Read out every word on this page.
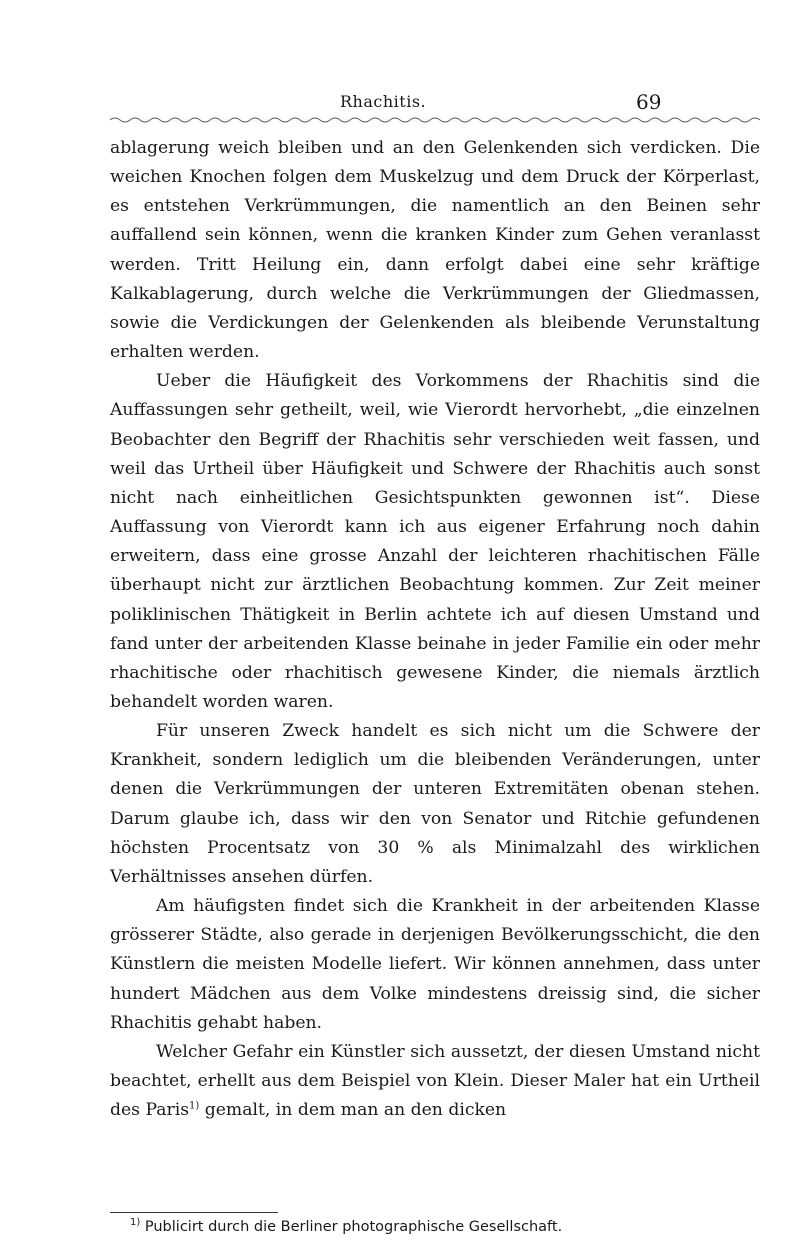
Rhachitis.	69

ablagerung weich bleiben und an den Gelenkenden sich verdicken. Die weichen Knochen folgen dem Muskelzug und dem Druck der Körperlast, es entstehen Verkrümmungen, die namentlich an den Beinen sehr auffallend sein können, wenn die kranken Kinder zum Gehen veranlasst werden. Tritt Heilung ein, dann erfolgt dabei eine sehr kräftige Kalkablagerung, durch welche die Verkrümmungen der Gliedmassen, sowie die Verdickungen der Gelenkenden als bleibende Verunstaltung erhalten werden.

Ueber die Häufigkeit des Vorkommens der Rhachitis sind die Auffassungen sehr getheilt, weil, wie Vierordt hervorhebt, „die einzelnen Beobachter den Begriff der Rhachitis sehr verschieden weit fassen, und weil das Urtheil über Häufigkeit und Schwere der Rhachitis auch sonst nicht nach einheitlichen Gesichtspunkten gewonnen ist“. Diese Auffassung von Vierordt kann ich aus eigener Erfahrung noch dahin erweitern, dass eine grosse Anzahl der leichteren rhachitischen Fälle überhaupt nicht zur ärztlichen Beobachtung kommen. Zur Zeit meiner poliklinischen Thätigkeit in Berlin achtete ich auf diesen Umstand und fand unter der arbeitenden Klasse beinahe in jeder Familie ein oder mehr rhachitische oder rhachitisch gewesene Kinder, die niemals ärztlich behandelt worden waren.

Für unseren Zweck handelt es sich nicht um die Schwere der Krankheit, sondern lediglich um die bleibenden Veränderungen, unter denen die Verkrümmungen der unteren Extremitäten obenan stehen. Darum glaube ich, dass wir den von Senator und Ritchie gefundenen höchsten Procentsatz von 30 % als Minimalzahl des wirklichen Verhältnisses ansehen dürfen.

Am häufigsten findet sich die Krankheit in der arbeitenden Klasse grösserer Städte, also gerade in derjenigen Bevölkerungsschicht, die den Künstlern die meisten Modelle liefert. Wir können annehmen, dass unter hundert Mädchen aus dem Volke mindestens dreissig sind, die sicher Rhachitis gehabt haben.

Welcher Gefahr ein Künstler sich aussetzt, der diesen Umstand nicht beachtet, erhellt aus dem Beispiel von Klein. Dieser Maler hat ein Urtheil des Paris$^{1)}$ gemalt, in dem man an den dicken

$^{1)}$ Publicirt durch die Berliner photographische Gesellschaft.
